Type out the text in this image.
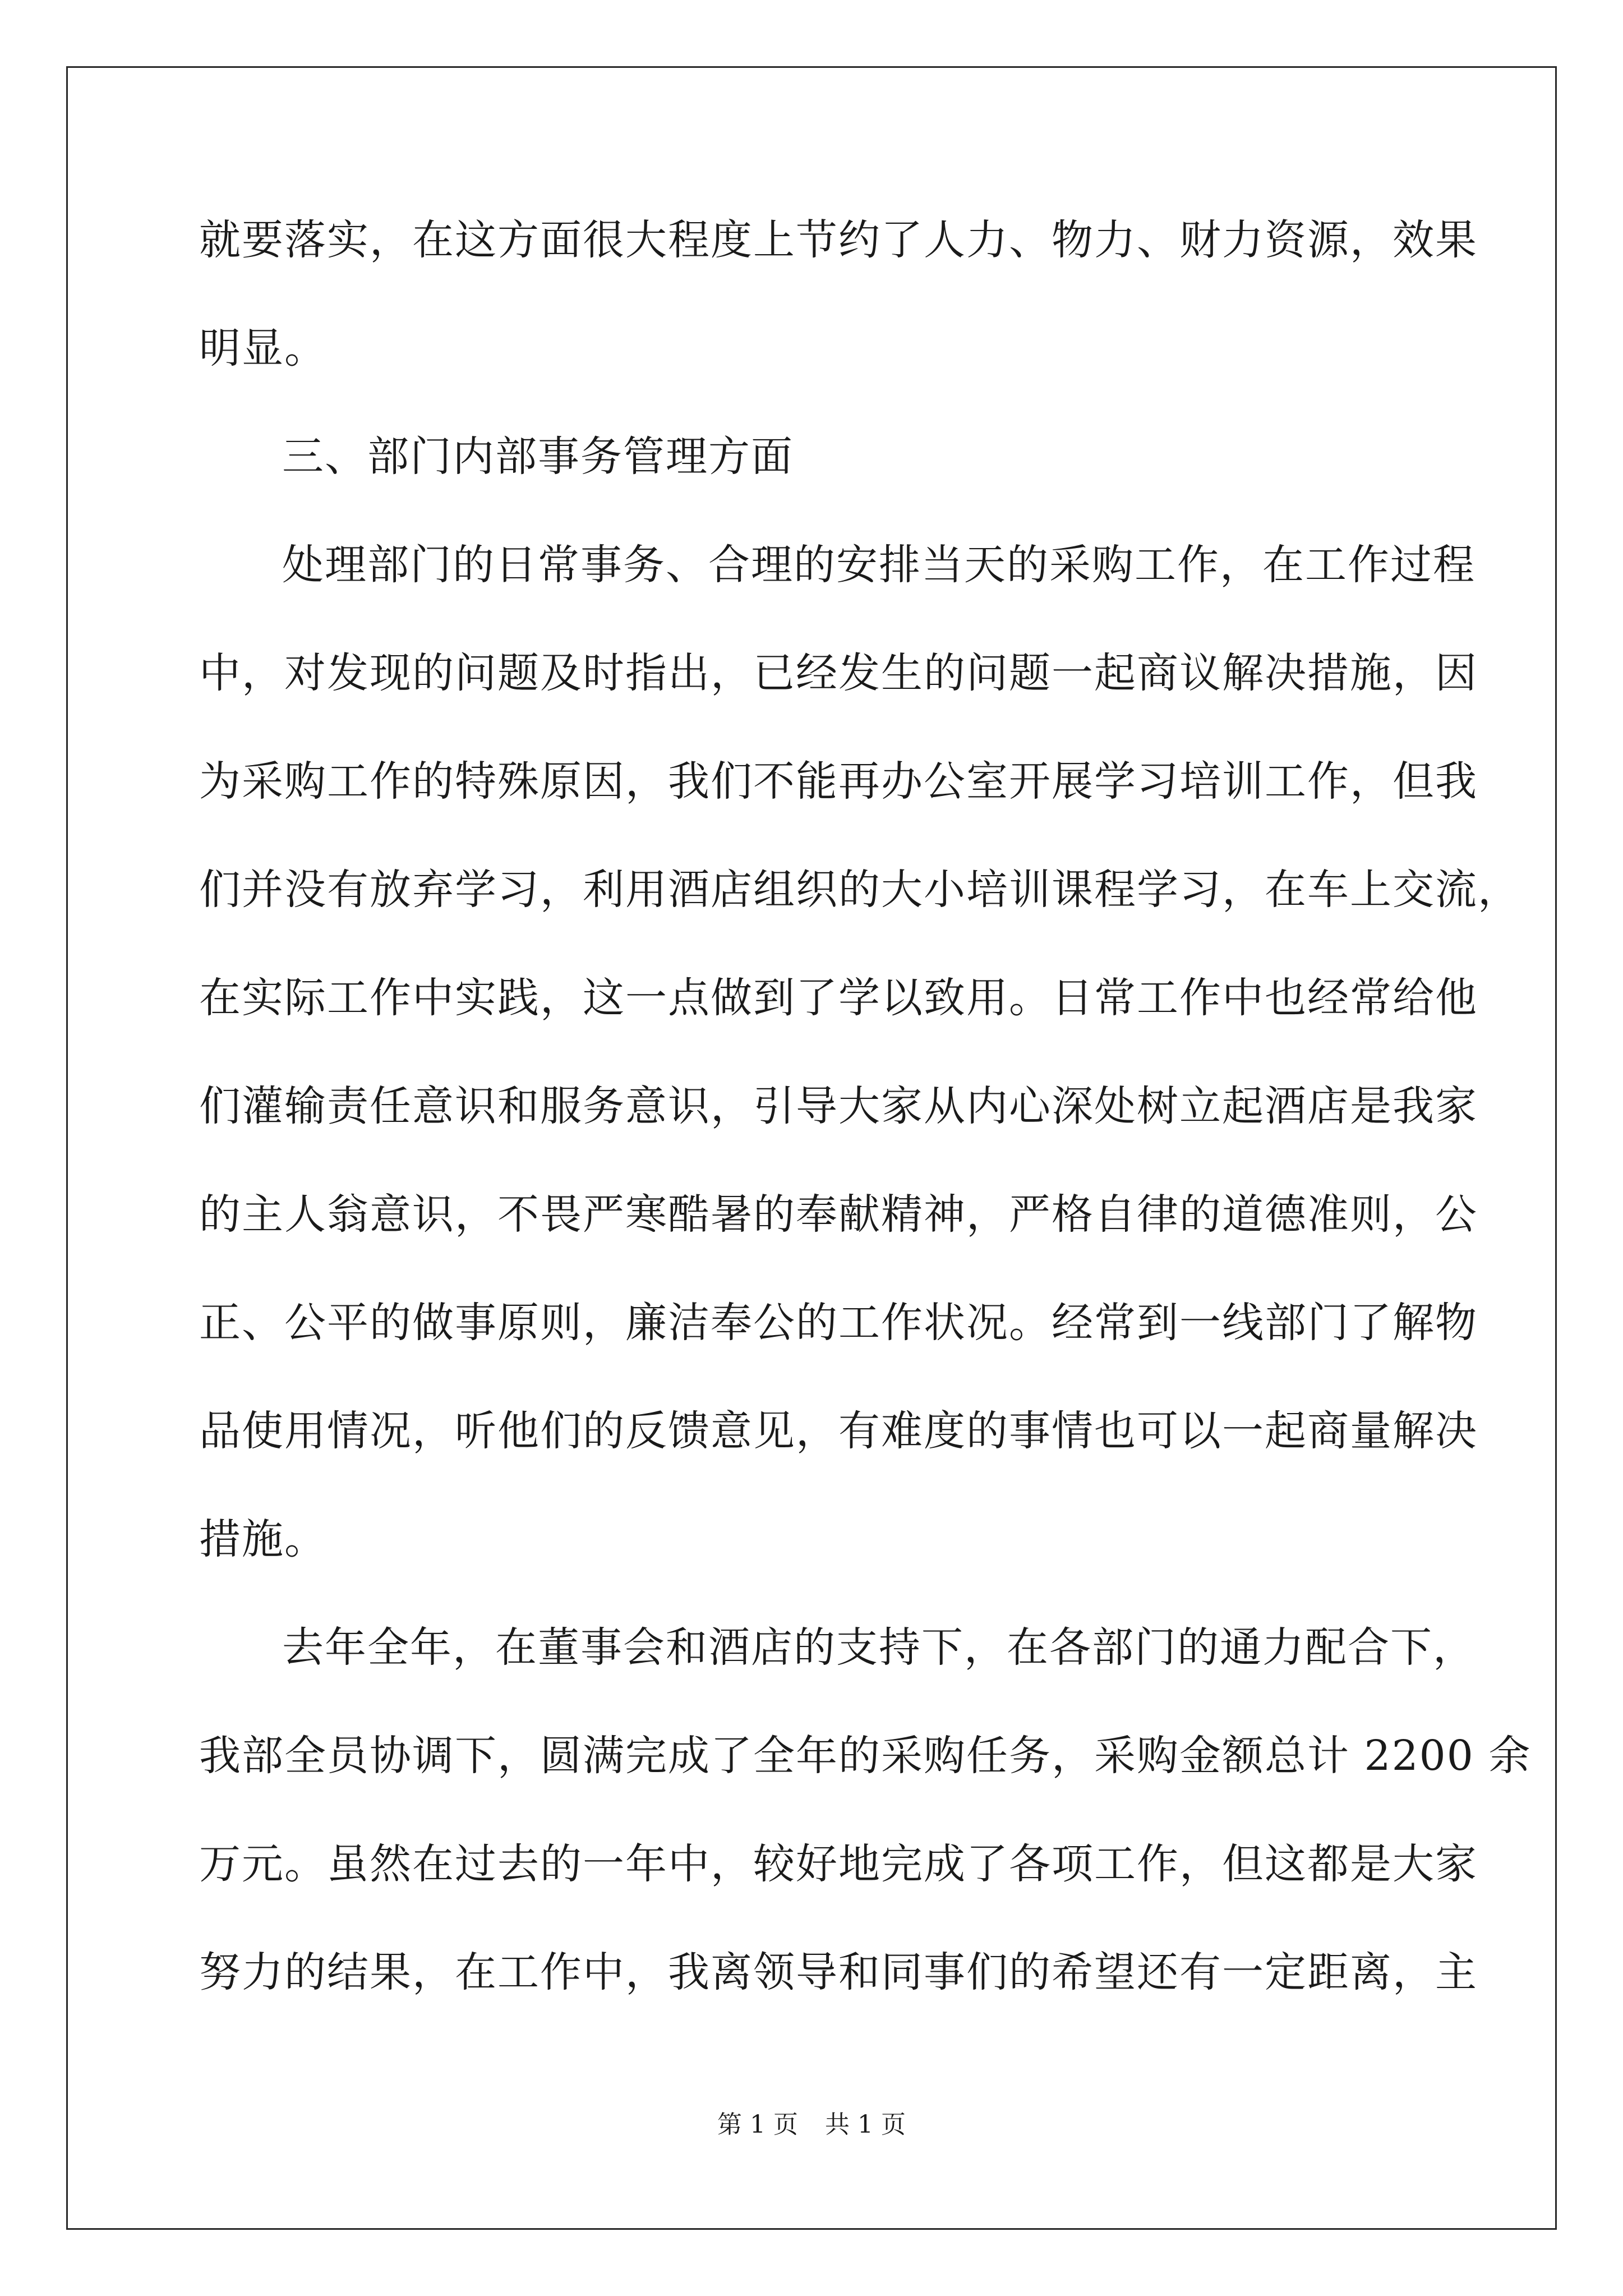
就要落实，在这方面很大程度上节约了人力、物力、财力资源，效果
明显。
三、部门内部事务管理方面
处理部门的日常事务、合理的安排当天的采购工作，在工作过程
中，对发现的问题及时指出，已经发生的问题一起商议解决措施，因
为采购工作的特殊原因，我们不能再办公室开展学习培训工作，但我
们并没有放弃学习，利用酒店组织的大小培训课程学习，在车上交流，
在实际工作中实践，这一点做到了学以致用。日常工作中也经常给他
们灌输责任意识和服务意识，引导大家从内心深处树立起酒店是我家
的主人翁意识，不畏严寒酷暑的奉献精神，严格自律的道德准则，公
正、公平的做事原则，廉洁奉公的工作状况。经常到一线部门了解物
品使用情况，听他们的反馈意见，有难度的事情也可以一起商量解决
措施。
去年全年，在董事会和酒店的支持下，在各部门的通力配合下，
我部全员协调下，圆满完成了全年的采购任务，采购金额总计 2200 余
万元。虽然在过去的一年中，较好地完成了各项工作，但这都是大家
努力的结果，在工作中，我离领导和同事们的希望还有一定距离，主
第 1 页 共 1 页
